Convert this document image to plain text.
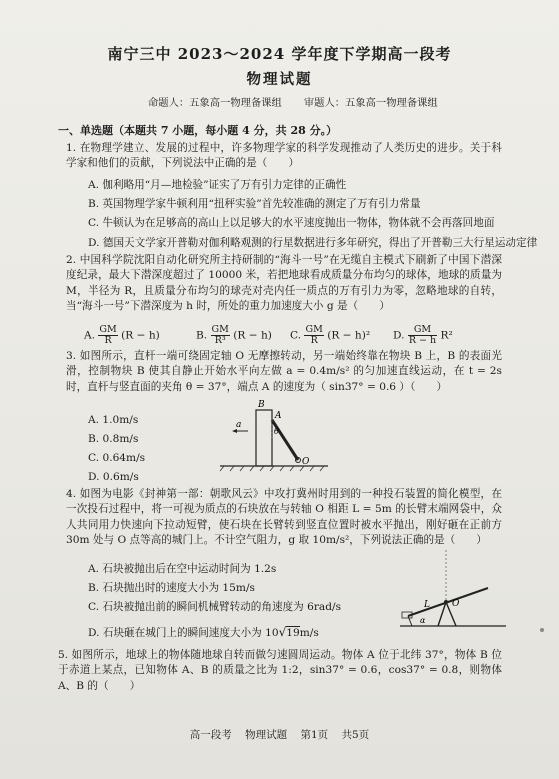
南宁三中 2023～2024 学年度下学期高一段考
物理试题
命题人：五象高一物理备课组 审题人：五象高一物理备课组
一、单选题（本题共 7 小题，每小题 4 分，共 28 分。）
1. 在物理学建立、发展的过程中，许多物理学家的科学发现推动了人类历史的进步。关于科学家和他们的贡献，下列说法中正确的是（　　）
A. 伽利略用“月—地检验”证实了万有引力定律的正确性
B. 英国物理学家牛顿利用“扭秤实验”首先较准确的测定了万有引力常量
C. 牛顿认为在足够高的高山上以足够大的水平速度抛出一物体，物体就不会再落回地面
D. 德国天文学家开普勒对伽利略观测的行星数据进行多年研究，得出了开普勒三大行星运动定律
2. 中国科学院沈阳自动化研究所主持研制的“海斗一号”在无缆自主模式下刷新了中国下潜深度纪录，最大下潜深度超过了 10000 米，若把地球看成质量分布均匀的球体，地球的质量为 M，半径为 R，且质量分布均匀的球壳对壳内任一质点的万有引力为零，忽略地球的自转，当“海斗一号”下潜深度为 h 时，所处的重力加速度大小 g 是（　　）
A. $\frac{GM}{R} (R - h)$	B. $\frac{GM}{\text{R³}} (R - h)$ C. $\frac{GM}{R} (R - h)^2$ D. $\frac{GM}{R - h} R^2$
3. 如图所示，直杆一端可绕固定轴 O 无摩擦转动，另一端始终靠在物块 B 上，B 的表面光滑，控制物块 B 使其自静止开始水平向左做 a = 0.4m/s² 的匀加速直线运动，在 t = 2s 时，直杆与竖直面的夹角 θ = 37°，端点 A 的速度为（ sin37° = 0.6 ）（　　）
A. 1.0m/s
B. 0.8m/s
C. 0.64m/s
D. 0.6m/s
a
B
A
θ
O
4. 如图为电影《封神第一部：朝歌风云》中攻打冀州时用到的一种投石装置的简化模型，在一次投石过程中，将一可视为质点的石块放在与转轴 O 相距 L = 5m 的长臂末端网袋中，众人共同用力快速向下拉动短臂，使石块在长臂转到竖直位置时被水平抛出，刚好砸在正前方 30m 处与 O 点等高的城门上。不计空气阻力，g 取 10m/s²，下列说法正确的是（　　）
A. 石块被抛出后在空中运动时间为 1.2s
B. 石块抛出时的速度大小为 15m/s
C. 石块被抛出前的瞬间机械臂转动的角速度为 6rad/s
D. 石块砸在城门上的瞬间速度大小为 10√19m/s
L O
α
5. 如图所示，地球上的物体随地球自转而做匀速圆周运动。物体 A 位于北纬 37°，物体 B 位于赤道上某点，已知物体 A、B 的质量之比为 1:2，sin37° = 0.6，cos37° = 0.8，则物体 A、B 的（　　）
高一段考 物理试题 第1页 共5页
